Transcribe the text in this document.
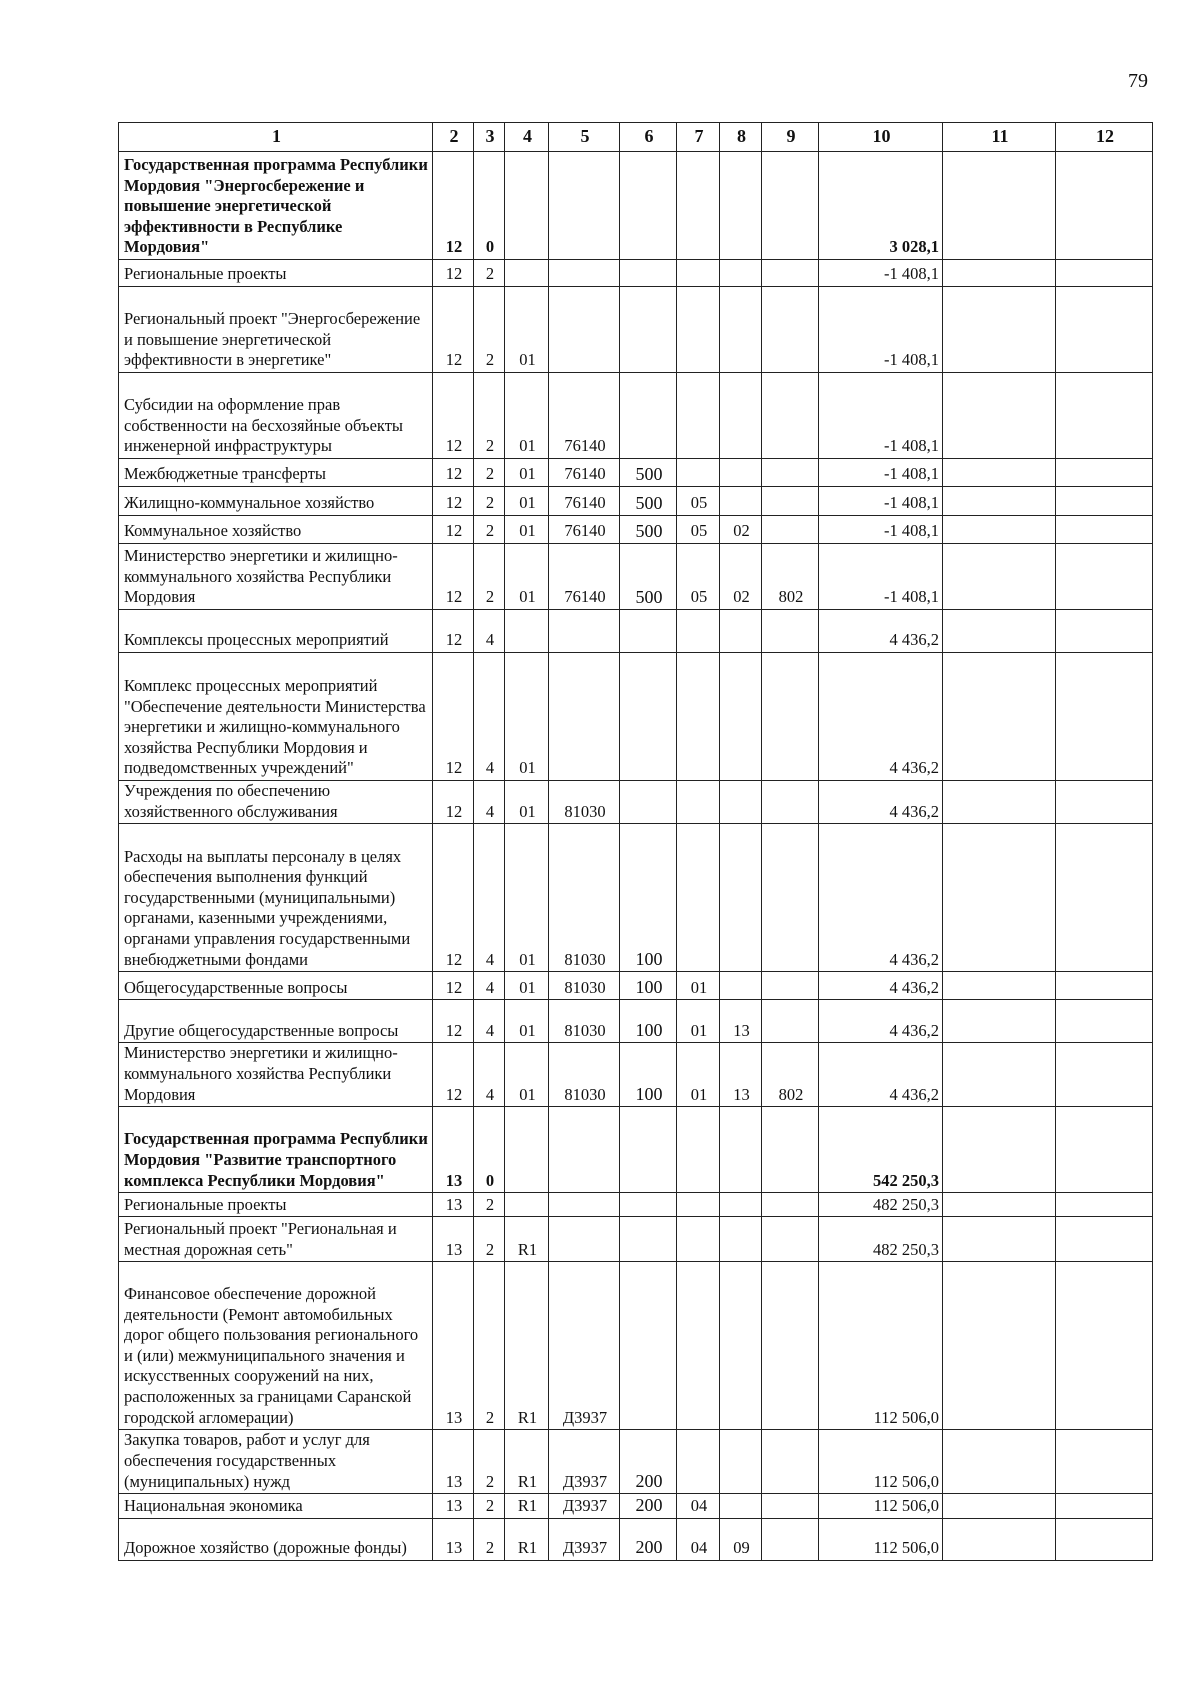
79
1	2	3	4	5	6	7	8	9	10	11	12
Государственная программа Республики Мордовия "Энергосбережение и повышение энергетической эффективности в Республике Мордовия"	12	0							3 028,1		
Региональные проекты	12	2							-1 408,1		
Региональный проект "Энергосбережение и повышение энергетической эффективности в энергетике"	12	2	01						-1 408,1		
Субсидии на оформление прав собственности на бесхозяйные объекты инженерной инфраструктуры	12	2	01	76140					-1 408,1		
Межбюджетные трансферты	12	2	01	76140	500				-1 408,1		
Жилищно-коммунальное хозяйство	12	2	01	76140	500	05			-1 408,1		
Коммунальное хозяйство	12	2	01	76140	500	05	02		-1 408,1		
Министерство энергетики и жилищно-коммунального хозяйства Республики Мордовия	12	2	01	76140	500	05	02	802	-1 408,1		
Комплексы процессных мероприятий	12	4							4 436,2		
Комплекс процессных мероприятий "Обеспечение деятельности Министерства энергетики и жилищно-коммунального хозяйства Республики Мордовия и подведомственных учреждений"	12	4	01						4 436,2		
Учреждения по обеспечению хозяйственного обслуживания	12	4	01	81030					4 436,2		
Расходы на выплаты персоналу в целях обеспечения выполнения функций государственными (муниципальными) органами, казенными учреждениями, органами управления государственными внебюджетными фондами	12	4	01	81030	100				4 436,2		
Общегосударственные вопросы	12	4	01	81030	100	01			4 436,2		
Другие общегосударственные вопросы	12	4	01	81030	100	01	13		4 436,2		
Министерство энергетики и жилищно-коммунального хозяйства Республики Мордовия	12	4	01	81030	100	01	13	802	4 436,2		
Государственная программа Республики Мордовия "Развитие транспортного комплекса Республики Мордовия"	13	0							542 250,3		
Региональные проекты	13	2							482 250,3		
Региональный проект "Региональная и местная дорожная сеть"	13	2	R1						482 250,3		
Финансовое обеспечение дорожной деятельности (Ремонт автомобильных дорог общего пользования регионального и (или) межмуниципального значения и искусственных сооружений на них, расположенных за границами Саранской городской агломерации)	13	2	R1	Д3937					112 506,0		
Закупка товаров, работ и услуг для обеспечения государственных (муниципальных) нужд	13	2	R1	Д3937	200				112 506,0		
Национальная экономика	13	2	R1	Д3937	200	04			112 506,0		
Дорожное хозяйство (дорожные фонды)	13	2	R1	Д3937	200	04	09		112 506,0		
